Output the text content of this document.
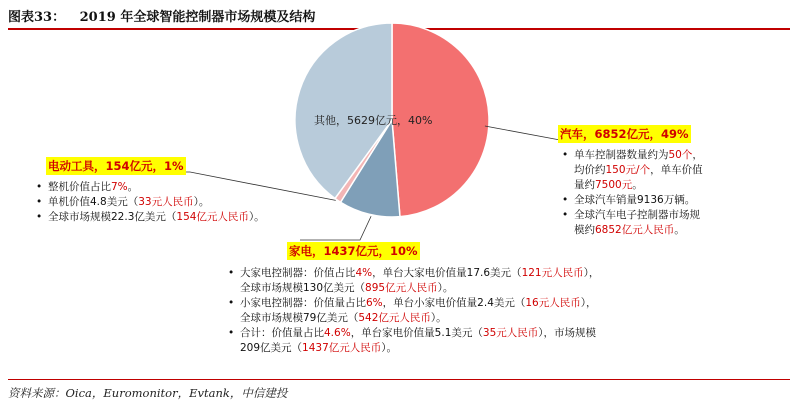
图表33： 2019 年全球智能控制器市场规模及结构
其他，5629亿元，40%
汽车，6852亿元，49%
家电，1437亿元，10%
电动工具，154亿元，1%
• 单车控制器数量约为50个，
均价约150元/个，单车价值
量约7500元。
• 全球汽车销量9136万辆。
• 全球汽车电子控制器市场规
模约6852亿元人民币。
• 整机价值占比7%。
• 单机价值4.8美元（33元人民币）。
• 全球市场规模22.3亿美元（154亿元人民币）。
• 大家电控制器：价值占比4%，单台大家电价值量17.6美元（121元人民币），
全球市场规模130亿美元（895亿元人民币）。
• 小家电控制器：价值量占比6%，单台小家电价值量2.4美元（16元人民币），
全球市场规模79亿美元（542亿元人民币）。
• 合计：价值量占比4.6%，单台家电价值量5.1美元（35元人民币），市场规模
209亿美元（1437亿元人民币）。
资料来源：Oica，Euromonitor，Evtank，中信建投
